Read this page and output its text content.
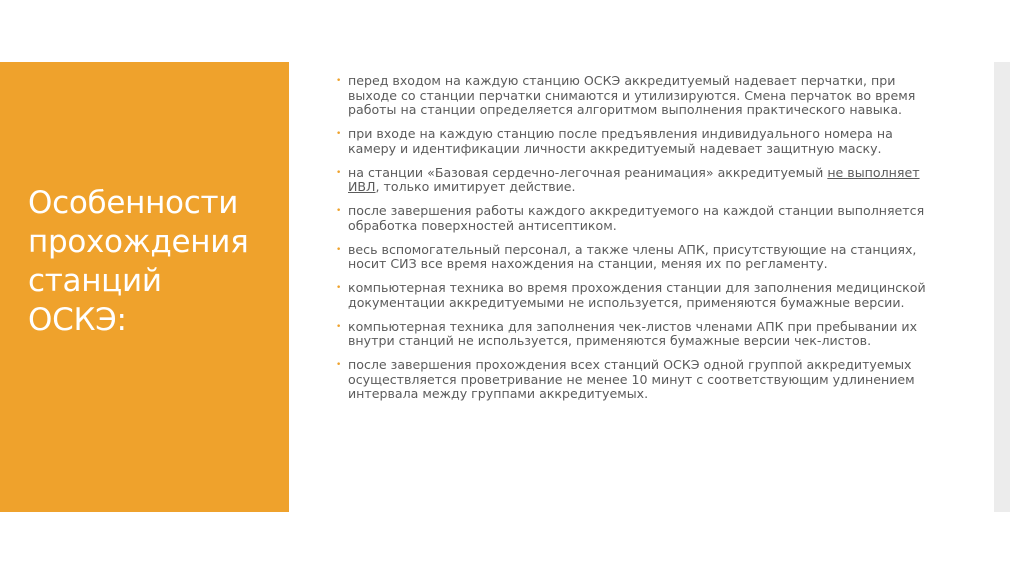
Особенности
прохождения
станций
ОСКЭ:
• перед входом на каждую станцию ОСКЭ аккредитуемый надевает перчатки, при выходе со станции перчатки снимаются и утилизируются. Смена перчаток во время работы на станции определяется алгоритмом выполнения практического навыка.
• при входе на каждую станцию после предъявления индивидуального номера на камеру и идентификации личности аккредитуемый надевает защитную маску.
• на станции «Базовая сердечно-легочная реанимация» аккредитуемый не выполняет ИВЛ, только имитирует действие.
• после завершения работы каждого аккредитуемого на каждой станции выполняется обработка поверхностей антисептиком.
• весь вспомогательный персонал, а также члены АПК, присутствующие на станциях, носит СИЗ все время нахождения на станции, меняя их по регламенту.
• компьютерная техника во время прохождения станции для заполнения медицинской документации аккредитуемыми не используется, применяются бумажные версии.
• компьютерная техника для заполнения чек-листов членами АПК при пребывании их внутри станций не используется, применяются бумажные версии чек-листов.
• после завершения прохождения всех станций ОСКЭ одной группой аккредитуемых осуществляется проветривание не менее 10 минут с соответствующим удлинением интервала между группами аккредитуемых.
